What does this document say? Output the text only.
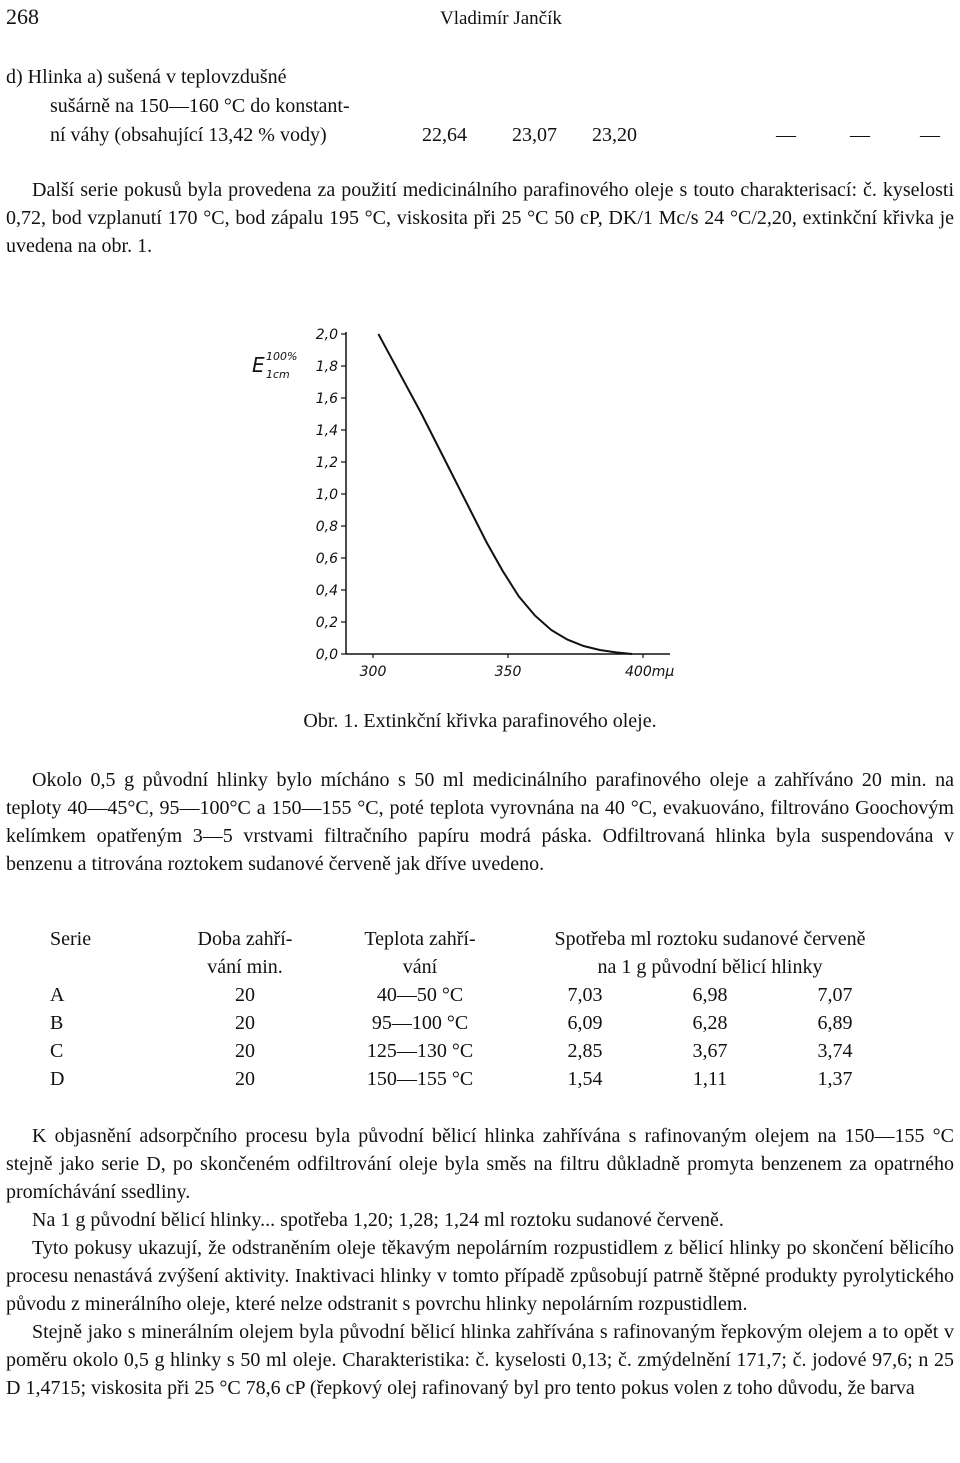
268	Vladimír Jančík
d) Hlinka a) sušená v teplovzdušné
sušárně na 150—160 °C do konstant-
ní váhy (obsahující 13,42 % vody)	22,64 23,07 23,20	—	—	—

Další serie pokusů byla provedena za použití medicinálního parafinového oleje s touto charakterisací: č. kyselosti 0,72, bod vzplanutí 170 °C, bod zápalu 195 °C, viskosita při 25 °C 50 cP, DK/1 Mc/s 24 °C/2,20, extinkční křivka je uvedena na obr. 1.

E 100%
1cm
2,0
1,8
1,6
1,4
1,2
1,0
0,8
0,6
0,4
0,2
0,0
300	350	400mμ
Obr. 1. Extinkční křivka parafinového oleje.

Okolo 0,5 g původní hlinky bylo mícháno s 50 ml medicinálního parafinového oleje a zahříváno 20 min. na teploty 40—45°C, 95—100°C a 150—155 °C, poté teplota vyrovnána na 40 °C, evakuováno, filtrováno Goochovým kelímkem opatřeným 3—5 vrstvami filtračního papíru modrá páska. Odfiltrovaná hlinka byla suspendována v benzenu a titrována roztokem sudanové červeně jak dříve uvedeno.

Serie	Doba zahří-	Teplota zahří-	Spotřeba ml roztoku sudanové červeně		
	vání min.	vání	na 1 g původní bělicí hlinky		
A	20	40—50 °C	7,03	6,98	7,07
B	20	95—100 °C	6,09	6,28	6,89
C	20	125—130 °C	2,85	3,67	3,74
D	20	150—155 °C	1,54	1,11	1,37

K objasnění adsorpčního procesu byla původní bělicí hlinka zahřívána s rafinovaným olejem na 150—155 °C stejně jako serie D, po skončeném odfiltrování oleje byla směs na filtru důkladně promyta benzenem za opatrného promíchávání ssedliny.

Na 1 g původní bělicí hlinky... spotřeba 1,20; 1,28; 1,24 ml roztoku sudanové červeně.

Tyto pokusy ukazují, že odstraněním oleje těkavým nepolárním rozpustidlem z bělicí hlinky po skončení bělicího procesu nenastává zvýšení aktivity. Inaktivaci hlinky v tomto případě způsobují patrně štěpné produkty pyrolytického původu z minerálního oleje, které nelze odstranit s povrchu hlinky nepolárním rozpustidlem.

Stejně jako s minerálním olejem byla původní bělicí hlinka zahřívána s rafinovaným řepkovým olejem a to opět v poměru okolo 0,5 g hlinky s 50 ml oleje. Charakteristika: č. kyselosti 0,13; č. zmýdelnění 171,7; č. jodové 97,6; n 25 D 1,4715; viskosita při 25 °C 78,6 cP (řepkový olej rafinovaný byl pro tento pokus volen z toho důvodu, že barva
